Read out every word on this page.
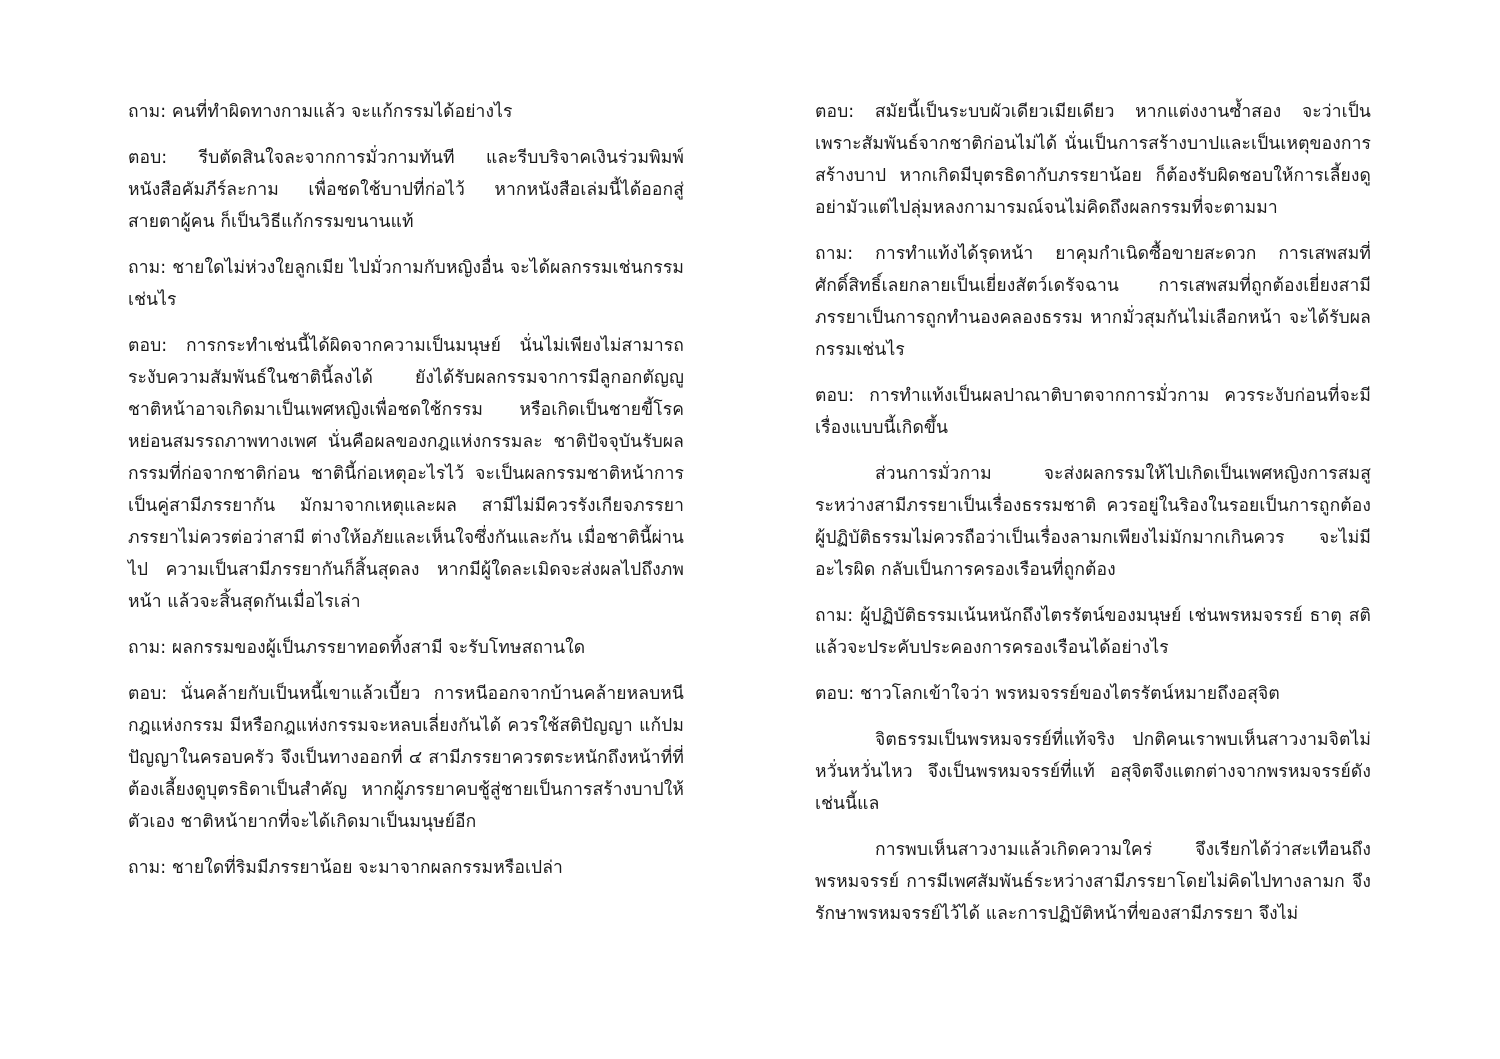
ถาม: คนที่ทำผิดทางกามแล้ว จะแก้กรรมได้อย่างไร

ตอบ: รีบตัดสินใจละจากการมั่วกามทันที และรีบบริจาคเงินร่วมพิมพ์หนังสือคัมภีร์ละกาม เพื่อชดใช้บาปที่ก่อไว้ หากหนังสือเล่มนี้ได้ออกสู่สายตาผู้คน ก็เป็นวิธีแก้กรรมขนานแท้

ถาม: ชายใดไม่ห่วงใยลูกเมีย ไปมั่วกามกับหญิงอื่น จะได้ผลกรรมเช่นกรรมเช่นไร

ตอบ: การกระทำเช่นนี้ได้ผิดจากความเป็นมนุษย์ นั่นไม่เพียงไม่สามารถระงับความสัมพันธ์ในชาตินี้ลงได้ ยังได้รับผลกรรมจาการมีลูกอกตัญญู ชาติหน้าอาจเกิดมาเป็นเพศหญิงเพื่อชดใช้กรรม หรือเกิดเป็นชายขี้โรค หย่อนสมรรถภาพทางเพศ นั่นคือผลของกฎแห่งกรรมละ ชาติปัจจุบันรับผลกรรมที่ก่อจากชาติก่อน ชาตินี้ก่อเหตุอะไรไว้ จะเป็นผลกรรมชาติหน้าการเป็นคู่สามีภรรยากัน มักมาจากเหตุและผล สามีไม่มีควรรังเกียจภรรยา ภรรยาไม่ควรต่อว่าสามี ต่างให้อภัยและเห็นใจซึ่งกันและกัน เมื่อชาตินี้ผ่านไป ความเป็นสามีภรรยากันก็สิ้นสุดลง หากมีผู้ใดละเมิดจะส่งผลไปถึงภพหน้า แล้วจะสิ้นสุดกันเมื่อไรเล่า

ถาม: ผลกรรมของผู้เป็นภรรยาทอดทิ้งสามี จะรับโทษสถานใด

ตอบ: นั่นคล้ายกับเป็นหนี้เขาแล้วเบี้ยว การหนีออกจากบ้านคล้ายหลบหนีกฎแห่งกรรม มีหรือกฎแห่งกรรมจะหลบเลี่ยงกันได้ ควรใช้สติปัญญา แก้ปมปัญญาในครอบครัว จึงเป็นทางออกที่ ๔ สามีภรรยาควรตระหนักถึงหน้าที่ที่ต้องเลี้ยงดูบุตรธิดาเป็นสำคัญ หากผู้ภรรยาคบชู้สู่ชายเป็นการสร้างบาปให้ตัวเอง ชาติหน้ายากที่จะได้เกิดมาเป็นมนุษย์อีก

ถาม: ชายใดที่ริมมีภรรยาน้อย จะมาจากผลกรรมหรือเปล่า

ตอบ: สมัยนี้เป็นระบบผัวเดียวเมียเดียว หากแต่งงานซ้ำสอง จะว่าเป็นเพราะสัมพันธ์จากชาติก่อนไม่ได้ นั่นเป็นการสร้างบาปและเป็นเหตุของการสร้างบาป หากเกิดมีบุตรธิดากับภรรยาน้อย ก็ต้องรับผิดชอบให้การเลี้ยงดูอย่ามัวแต่ไปลุ่มหลงกามารมณ์จนไม่คิดถึงผลกรรมที่จะตามมา

ถาม: การทำแท้งได้รุดหน้า ยาคุมกำเนิดซื้อขายสะดวก การเสพสมที่ศักดิ์สิทธิ์เลยกลายเป็นเยี่ยงสัตว์เดรัจฉาน การเสพสมที่ถูกต้องเยี่ยงสามีภรรยาเป็นการถูกทำนองคลองธรรม หากมั่วสุมกันไม่เลือกหน้า จะได้รับผลกรรมเช่นไร

ตอบ: การทำแท้งเป็นผลปาณาติบาตจากการมั่วกาม ควรระงับก่อนที่จะมีเรื่องแบบนี้เกิดขึ้น

ส่วนการมั่วกาม จะส่งผลกรรมให้ไปเกิดเป็นเพศหญิงการสมสูระหว่างสามีภรรยาเป็นเรื่องธรรมชาติ ควรอยู่ในริองในรอยเป็นการถูกต้อง ผู้ปฏิบัติธรรมไม่ควรถือว่าเป็นเรื่องลามกเพียงไม่มักมากเกินควร จะไม่มีอะไรผิด กลับเป็นการครองเรือนที่ถูกต้อง

ถาม: ผู้ปฏิบัติธรรมเน้นหนักถึงไตรรัตน์ของมนุษย์ เช่นพรหมจรรย์ ธาตุ สติ แล้วจะประคับประคองการครองเรือนได้อย่างไร

ตอบ: ชาวโลกเข้าใจว่า พรหมจรรย์ของไตรรัตน์หมายถึงอสุจิต

จิตธรรมเป็นพรหมจรรย์ที่แท้จริง ปกติคนเราพบเห็นสาวงามจิตไม่หวั่นหวั่นไหว จึงเป็นพรหมจรรย์ที่แท้ อสุจิตจึงแตกต่างจากพรหมจรรย์ดังเช่นนี้แล

การพบเห็นสาวงามแล้วเกิดความใคร่ จึงเรียกได้ว่าสะเทือนถึงพรหมจรรย์ การมีเพศสัมพันธ์ระหว่างสามีภรรยาโดยไม่คิดไปทางลามก จึงรักษาพรหมจรรย์ไว้ได้ และการปฏิบัติหน้าที่ของสามีภรรยา จึงไม่
